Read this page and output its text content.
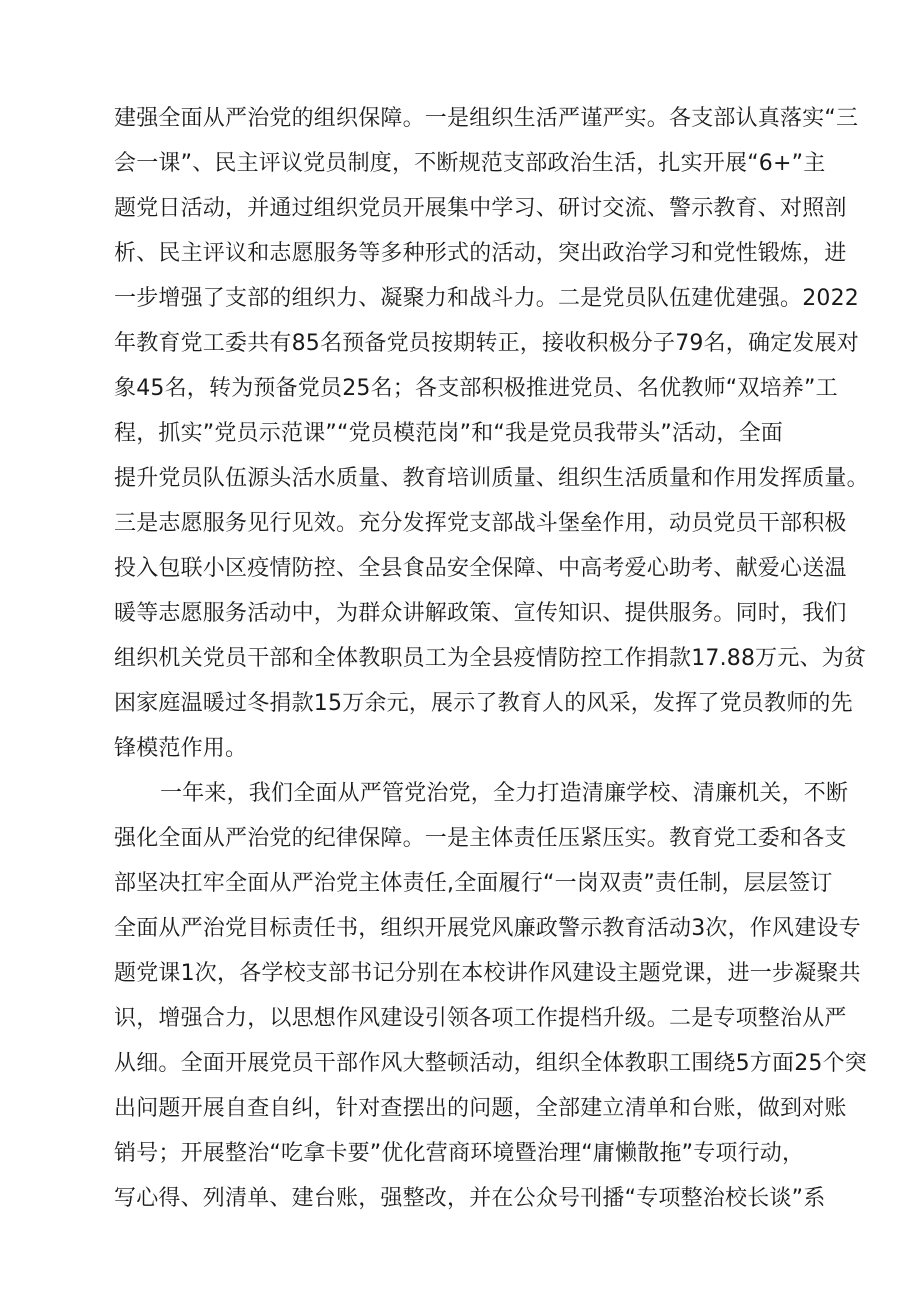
建强全面从严治党的组织保障。一是组织生活严谨严实。各支部认真落实“三
会一课”、民主评议党员制度，不断规范支部政治生活，扎实开展“6+”主
题党日活动，并通过组织党员开展集中学习、研讨交流、警示教育、对照剖
析、民主评议和志愿服务等多种形式的活动，突出政治学习和党性锻炼，进
一步增强了支部的组织力、凝聚力和战斗力。二是党员队伍建优建强。2022
年教育党工委共有85名预备党员按期转正，接收积极分子79名，确定发展对
象45名，转为预备党员25名；各支部积极推进党员、名优教师“双培养”工
程，抓实”党员示范课”“党员模范岗”和“我是党员我带头”活动，全面
提升党员队伍源头活水质量、教育培训质量、组织生活质量和作用发挥质量。
三是志愿服务见行见效。充分发挥党支部战斗堡垒作用，动员党员干部积极
投入包联小区疫情防控、全县食品安全保障、中高考爱心助考、献爱心送温
暖等志愿服务活动中，为群众讲解政策、宣传知识、提供服务。同时，我们
组织机关党员干部和全体教职员工为全县疫情防控工作捐款17.88万元、为贫
困家庭温暖过冬捐款15万余元，展示了教育人的风采，发挥了党员教师的先
锋模范作用。
一年来，我们全面从严管党治党，全力打造清廉学校、清廉机关，不断
强化全面从严治党的纪律保障。一是主体责任压紧压实。教育党工委和各支
部坚决扛牢全面从严治党主体责任,全面履行“一岗双责”责任制，层层签订
全面从严治党目标责任书，组织开展党风廉政警示教育活动3次，作风建设专
题党课1次，各学校支部书记分别在本校讲作风建设主题党课，进一步凝聚共
识，增强合力，以思想作风建设引领各项工作提档升级。二是专项整治从严
从细。全面开展党员干部作风大整顿活动，组织全体教职工围绕5方面25个突
出问题开展自查自纠，针对查摆出的问题，全部建立清单和台账，做到对账
销号；开展整治“吃拿卡要”优化营商环境暨治理“庸懒散拖”专项行动，
写心得、列清单、建台账，强整改，并在公众号刊播“专项整治校长谈”系
